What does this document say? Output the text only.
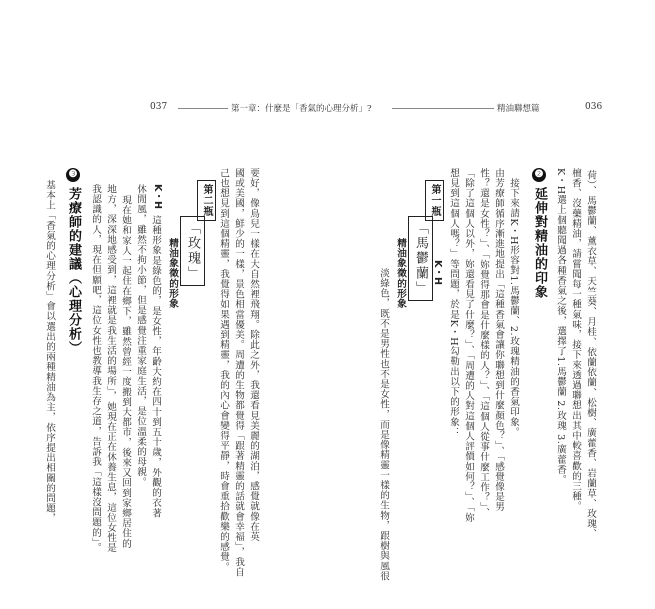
037	036
第一章：什麼是「香氣的心理分析」?	精油聯想篇
荷）、馬鬱蘭、薰衣草、天竺葵、月桂、依蘭依蘭、松樹、廣藿香、岩蘭草、玫瑰、
檀香、沒藥精油，請嘗聞每一種氣味，接下來透過聯想出其中較喜歡的三種。
K・H選上個聽聞過各種香氣之後，選擇了1.馬鬱蘭 2.玫瑰 3.廣藿香。
❷ 延伸對精油的印象
接下來請K・H形容對1.馬鬱蘭、2.玫瑰精油的香氣印象。
由芳療師循序漸進地提出「這種香氣會讓你聯想到什麼顏色？」、「感覺像是男
性？還是女性？」、「妳覺得那會是什麼樣的人？」、「這個人從事什麼工作？」、
「除了這個人以外，妳還看見了什麼？」、「周遭的人對這個人評價如何？」、「妳
想見到這個人嗎？」等問題，於是K・H勾勒出以下的形象：
第一瓶
「馬鬱蘭」
精油象徵的形象	K・H
淡綠色，既不是男性也不是女性，而是像精靈一樣的生物，跟樹與風很
要好，像鳥兒一樣在大自然裡飛翔。除此之外，我還看見美麗的湖泊，感覺就像在英
國或美國，鮮少的一樣，景色相當優美。周遭的生物都覺得「跟著精靈的話就會幸福」，我自
己也想見到這個精靈，我覺得如果遇到精靈，我的內心會變得平靜，時會重拾歡樂的感覺。
第二瓶
「玫瑰」
精油象徵的形象
K・H
這種形象是綠色的，是女性，年齡大約在四十到五十歲，外觀的衣著
休閒風，雖然不拘小節，但是感覺注重家庭生活，是位溫柔的母親。
現在她和家人一起住在鄉下，雖然曾經一度搬到大都市，後來又回到家鄉居住的
地方，深深地感受到，這裡就是我生活的場所」，她現在正在休養生息，這位女性是
我認識的人，現在但願吧，這位女性也教導我生存之道，告訴我「這樣沒問題的」。
❸ 芳療師的建議（心理分析）
基本上「香氣的心理分析」會以選出的兩種精油為主，依序提出相關的問題，
